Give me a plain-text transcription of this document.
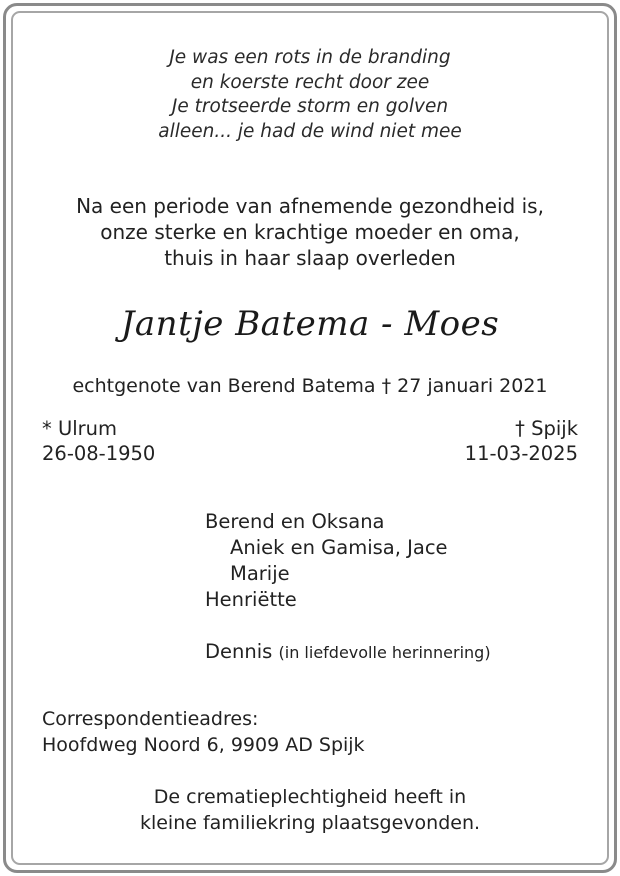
Je was een rots in de branding
en koerste recht door zee
Je trotseerde storm en golven
alleen... je had de wind niet mee
Na een periode van afnemende gezondheid is,
onze sterke en krachtige moeder en oma,
thuis in haar slaap overleden
Jantje Batema - Moes
echtgenote van Berend Batema † 27 januari 2021
* Ulrum
26-08-1950
† Spijk
11-03-2025
Berend en Oksana
Aniek en Gamisa, Jace
Marije
Henriëtte
Dennis (in liefdevolle herinnering)
Correspondentieadres:
Hoofdweg Noord 6, 9909 AD Spijk
De crematieplechtigheid heeft in
kleine familiekring plaatsgevonden.
